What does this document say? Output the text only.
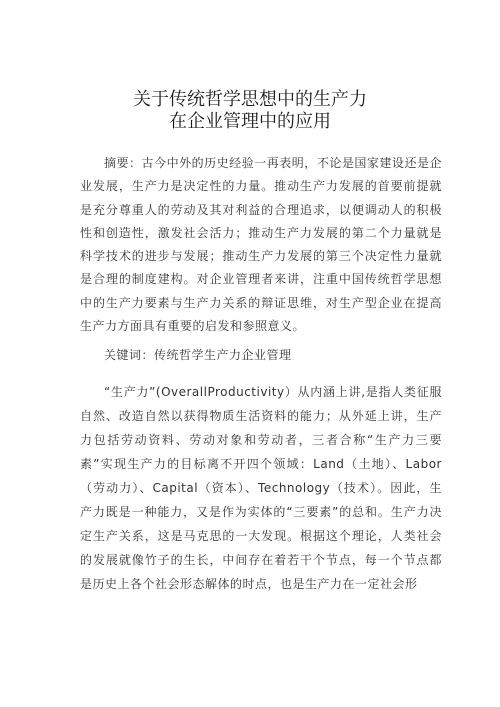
关于传统哲学思想中的生产力
在企业管理中的应用
摘要：古今中外的历史经验一再表明，不论是国家建设还是企业发展，生产力是决定性的力量。推动生产力发展的首要前提就是充分尊重人的劳动及其对利益的合理追求，以便调动人的积极性和创造性，激发社会活力；推动生产力发展的第二个力量就是科学技术的进步与发展；推动生产力发展的第三个决定性力量就是合理的制度建构。对企业管理者来讲，注重中国传统哲学思想中的生产力要素与生产力关系的辩证思维，对生产型企业在提高生产力方面具有重要的启发和参照意义。
关键词：传统哲学生产力企业管理
“生产力”(OverallProductivity）从内涵上讲,是指人类征服自然、改造自然以获得物质生活资料的能力；从外延上讲，生产力包括劳动资料、劳动对象和劳动者，三者合称“生产力三要素”实现生产力的目标离不开四个领域：Land（土地）、Labor（劳动力）、Capital（资本）、Technology（技术）。因此，生产力既是一种能力，又是作为实体的“三要素”的总和。生产力决定生产关系，这是马克思的一大发现。根据这个理论，人类社会的发展就像竹子的生长，中间存在着若干个节点，每一个节点都是历史上各个社会形态解体的时点，也是生产力在一定社会形
